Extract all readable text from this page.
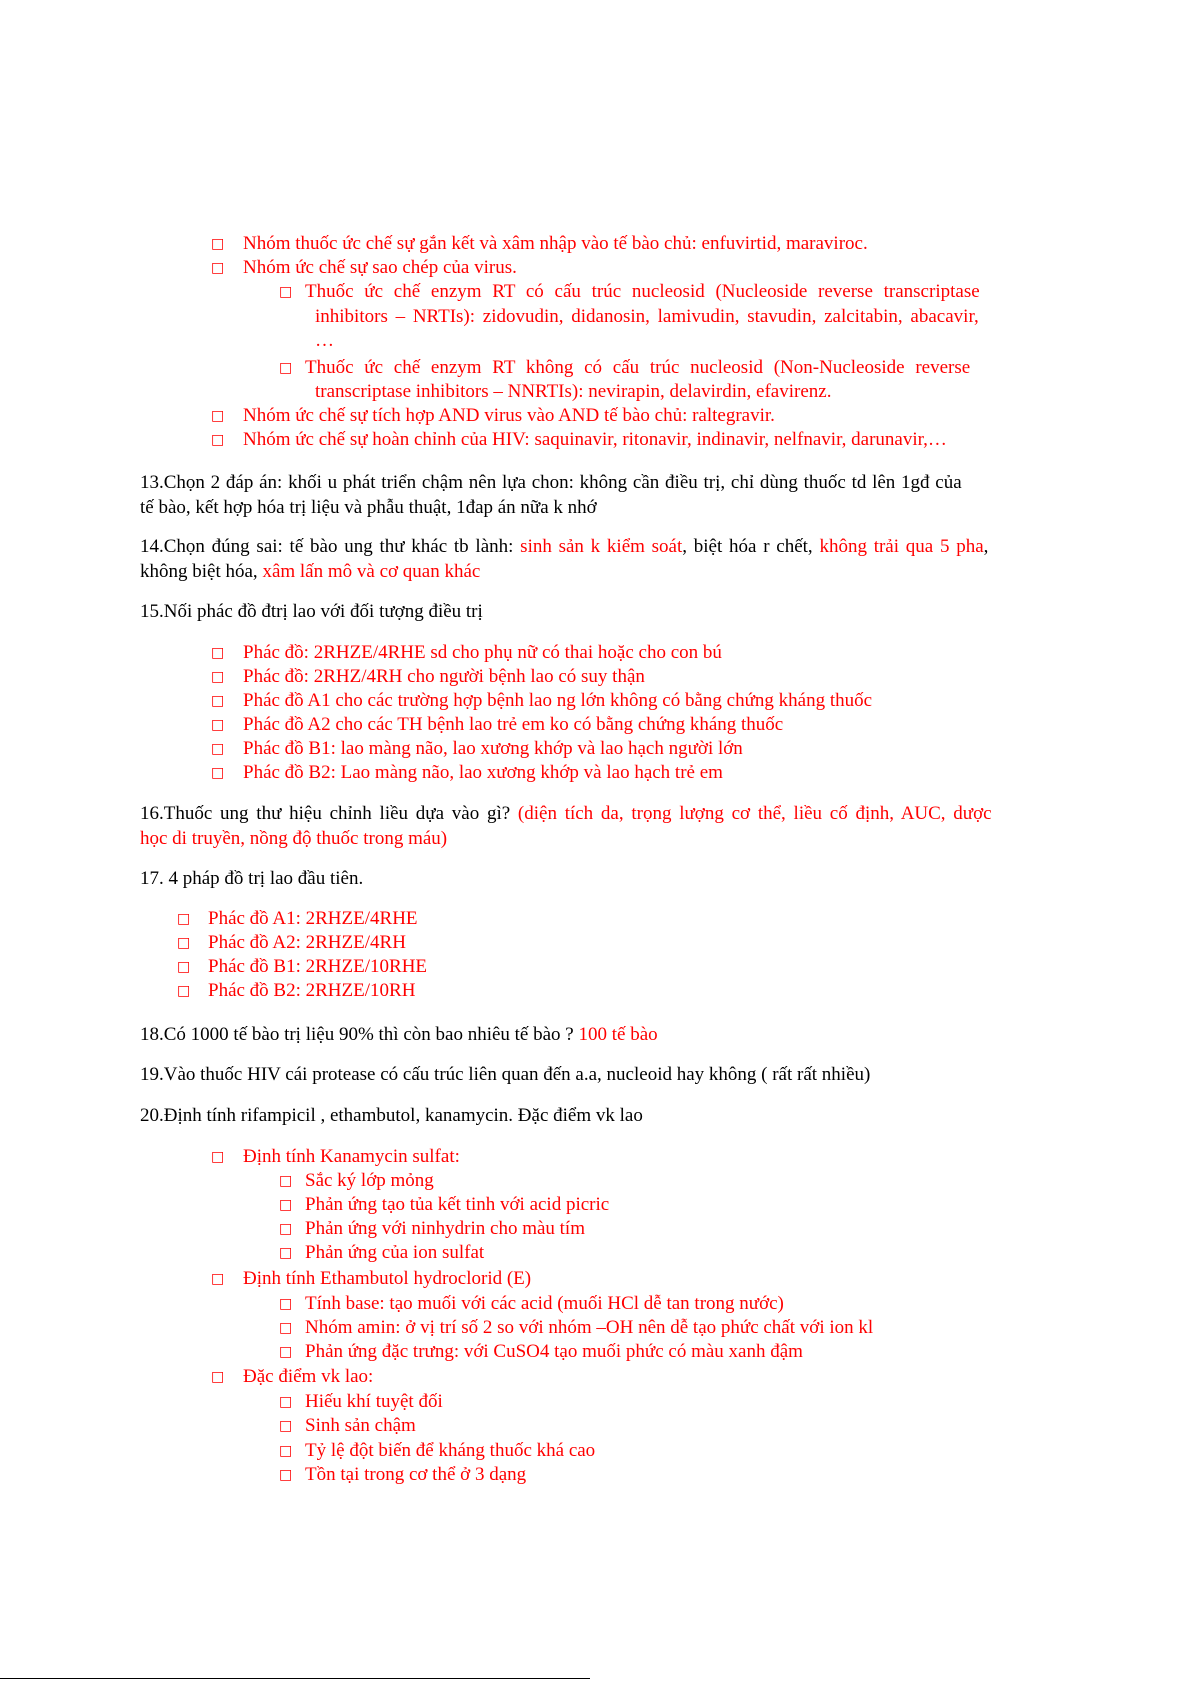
□ Nhóm thuốc ức chế sự gắn kết và xâm nhập vào tế bào chủ: enfuvirtid, maraviroc.
□ Nhóm ức chế sự sao chép của virus.
□ Thuốc ức chế enzym RT có cấu trúc nucleosid (Nucleoside reverse transcriptase
inhibitors – NRTIs): zidovudin, didanosin, lamivudin, stavudin, zalcitabin, abacavir,
…
□ Thuốc ức chế enzym RT không có cấu trúc nucleosid (Non-Nucleoside reverse
transcriptase inhibitors – NNRTIs): nevirapin, delavirdin, efavirenz.
□ Nhóm ức chế sự tích hợp AND virus vào AND tế bào chủ: raltegravir.
□ Nhóm ức chế sự hoàn chỉnh của HIV: saquinavir, ritonavir, indinavir, nelfnavir, darunavir,…
13.Chọn 2 đáp án: khối u phát triển chậm nên lựa chon: không cần điều trị, chỉ dùng thuốc td lên 1gđ của
tế bào, kết hợp hóa trị liệu và phẫu thuật, 1đap án nữa k nhớ
14.Chọn đúng sai: tế bào ung thư khác tb lành: sinh sản k kiểm soát, biệt hóa r chết, không trải qua 5 pha,
không biệt hóa, xâm lấn mô và cơ quan khác
15.Nối phác đồ đtrị lao với đối tượng điều trị
□ Phác đồ: 2RHZE/4RHE sd cho phụ nữ có thai hoặc cho con bú
□ Phác đồ: 2RHZ/4RH cho người bệnh lao có suy thận
□ Phác đồ A1 cho các trường hợp bệnh lao ng lớn không có bằng chứng kháng thuốc
□ Phác đồ A2 cho các TH bệnh lao trẻ em ko có bằng chứng kháng thuốc
□ Phác đồ B1: lao màng não, lao xương khớp và lao hạch người lớn
□ Phác đồ B2: Lao màng não, lao xương khớp và lao hạch trẻ em
16.Thuốc ung thư hiệu chỉnh liều dựa vào gì? (diện tích da, trọng lượng cơ thể, liều cố định, AUC, dược
học di truyền, nồng độ thuốc trong máu)
17. 4 pháp đồ trị lao đầu tiên.
□ Phác đồ A1: 2RHZE/4RHE
□ Phác đồ A2: 2RHZE/4RH
□ Phác đồ B1: 2RHZE/10RHE
□ Phác đồ B2: 2RHZE/10RH
18.Có 1000 tế bào trị liệu 90% thì còn bao nhiêu tế bào ? 100 tế bào
19.Vào thuốc HIV cái protease có cấu trúc liên quan đến a.a, nucleoid hay không ( rất rất nhiều)
20.Định tính rifampicil , ethambutol, kanamycin. Đặc điểm vk lao
□ Định tính Kanamycin sulfat:
□ Sắc ký lớp mỏng
□ Phản ứng tạo tủa kết tinh với acid picric
□ Phản ứng với ninhydrin cho màu tím
□ Phản ứng của ion sulfat
□ Định tính Ethambutol hydroclorid (E)
□ Tính base: tạo muối với các acid (muối HCl dễ tan trong nước)
□ Nhóm amin: ở vị trí số 2 so với nhóm –OH nên dễ tạo phức chất với ion kl
□ Phản ứng đặc trưng: với CuSO4 tạo muối phức có màu xanh đậm
□ Đặc điểm vk lao:
□ Hiếu khí tuyệt đối
□ Sinh sản chậm
□ Tỷ lệ đột biến để kháng thuốc khá cao
□ Tồn tại trong cơ thể ở 3 dạng
